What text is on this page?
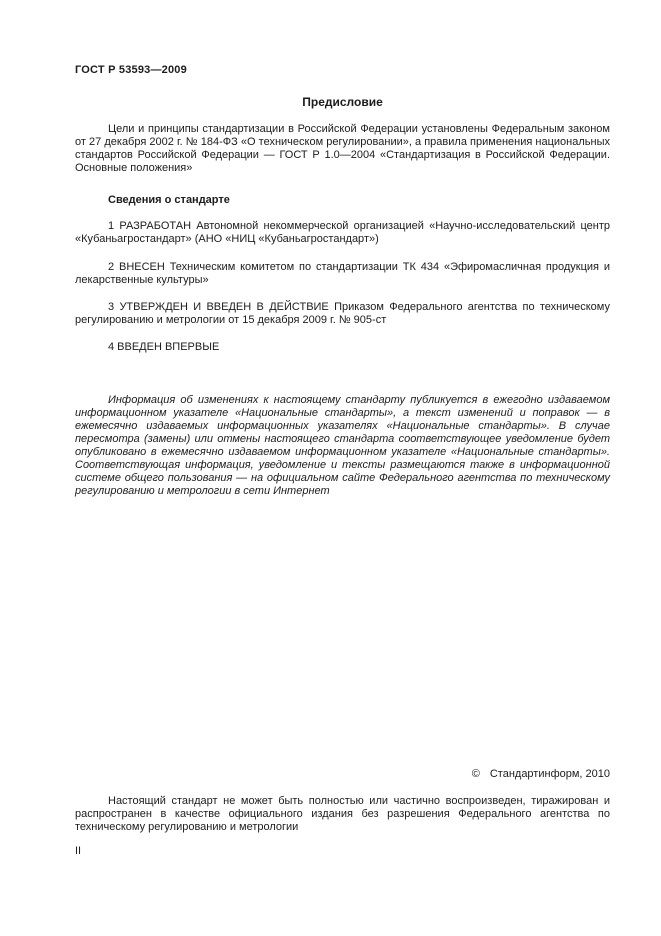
ГОСТ Р 53593—2009
Предисловие
Цели и принципы стандартизации в Российской Федерации установлены Федеральным законом от 27 декабря 2002 г. № 184-ФЗ «О техническом регулировании», а правила применения национальных стандартов Российской Федерации — ГОСТ Р 1.0—2004 «Стандартизация в Российской Федерации. Основные положения»
Сведения о стандарте
1 РАЗРАБОТАН Автономной некоммерческой организацией «Научно-исследовательский центр «Кубаньагростандарт» (АНО «НИЦ «Кубаньагростандарт»)
2 ВНЕСЕН Техническим комитетом по стандартизации ТК 434 «Эфиромасличная продукция и лекарственные культуры»
3 УТВЕРЖДЕН И ВВЕДЕН В ДЕЙСТВИЕ Приказом Федерального агентства по техническому регулированию и метрологии от 15 декабря 2009 г. № 905-ст
4 ВВЕДЕН ВПЕРВЫЕ
Информация об изменениях к настоящему стандарту публикуется в ежегодно издаваемом информационном указателе «Национальные стандарты», а текст изменений и поправок — в ежемесячно издаваемых информационных указателях «Национальные стандарты». В случае пересмотра (замены) или отмены настоящего стандарта соответствующее уведомление будет опубликовано в ежемесячно издаваемом информационном указателе «Национальные стандарты». Соответствующая информация, уведомление и тексты размещаются также в информационной системе общего пользования — на официальном сайте Федерального агентства по техническому регулированию и метрологии в сети Интернет
© Стандартинформ, 2010
Настоящий стандарт не может быть полностью или частично воспроизведен, тиражирован и распространен в качестве официального издания без разрешения Федерального агентства по техническому регулированию и метрологии
II
